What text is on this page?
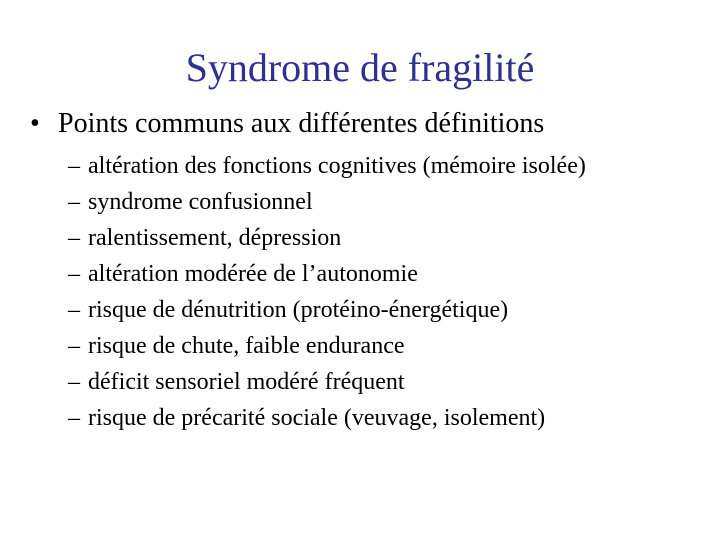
Syndrome de fragilité
• Points communs aux différentes définitions
– altération des fonctions cognitives (mémoire isolée)
– syndrome confusionnel
– ralentissement, dépression
– altération modérée de l’autonomie
– risque de dénutrition (protéino-énergétique)
– risque de chute, faible endurance
– déficit sensoriel modéré fréquent
– risque de précarité sociale (veuvage, isolement)
